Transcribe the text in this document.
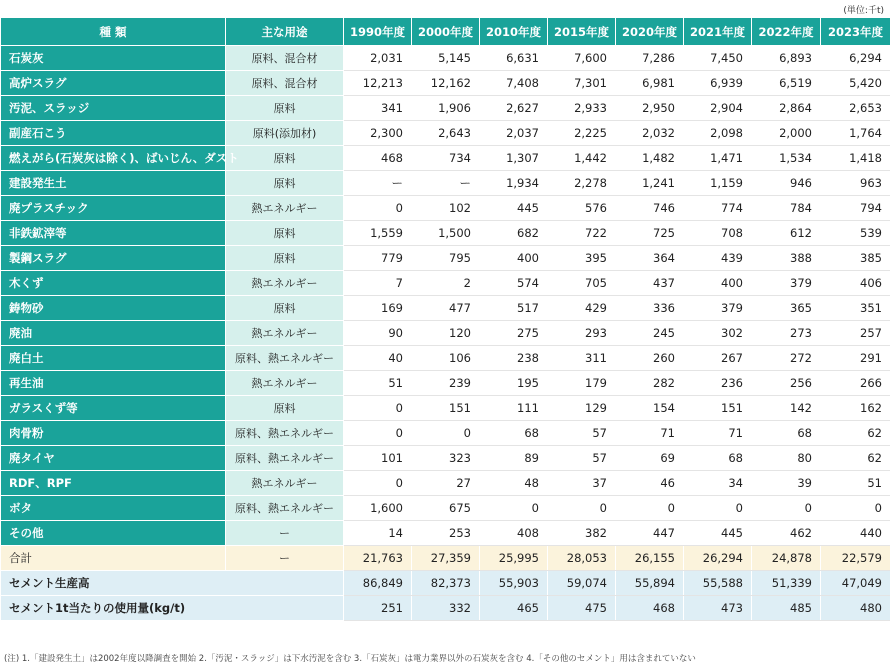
(単位:千t)
種 類	主な用途	1990年度	2000年度	2010年度	2015年度	2020年度	2021年度	2022年度	2023年度
石炭灰	原料、混合材	2,031	5,145	6,631	7,600	7,286	7,450	6,893	6,294
高炉スラグ	原料、混合材	12,213	12,162	7,408	7,301	6,981	6,939	6,519	5,420
汚泥、スラッジ	原料	341	1,906	2,627	2,933	2,950	2,904	2,864	2,653
副産石こう	原料(添加材)	2,300	2,643	2,037	2,225	2,032	2,098	2,000	1,764
燃えがら(石炭灰は除く)、ばいじん、ダスト	原料	468	734	1,307	1,442	1,482	1,471	1,534	1,418
建設発生土	原料	ー	ー	1,934	2,278	1,241	1,159	946	963
廃プラスチック	熱エネルギー	0	102	445	576	746	774	784	794
非鉄鉱滓等	原料	1,559	1,500	682	722	725	708	612	539
製鋼スラグ	原料	779	795	400	395	364	439	388	385
木くず	熱エネルギー	7	2	574	705	437	400	379	406
鋳物砂	原料	169	477	517	429	336	379	365	351
廃油	熱エネルギー	90	120	275	293	245	302	273	257
廃白土	原料、熱エネルギー	40	106	238	311	260	267	272	291
再生油	熱エネルギー	51	239	195	179	282	236	256	266
ガラスくず等	原料	0	151	111	129	154	151	142	162
肉骨粉	原料、熱エネルギー	0	0	68	57	71	71	68	62
廃タイヤ	原料、熱エネルギー	101	323	89	57	69	68	80	62
RDF、RPF	熱エネルギー	0	27	48	37	46	34	39	51
ボタ	原料、熱エネルギー	1,600	675	0	0	0	0	0	0
その他	ー	14	253	408	382	447	445	462	440
合計	ー	21,763	27,359	25,995	28,053	26,155	26,294	24,878	22,579
セメント生産高		86,849	82,373	55,903	59,074	55,894	55,588	51,339	47,049
セメント1t当たりの使用量(kg/t)		251	332	465	475	468	473	485	480
(注) 1.「建設発生土」は2002年度以降調査を開始 2.「汚泥・スラッジ」は下水汚泥を含む 3.「石炭灰」は電力業界以外の石炭灰を含む 4.「その他のセメント」用は含まれていない
